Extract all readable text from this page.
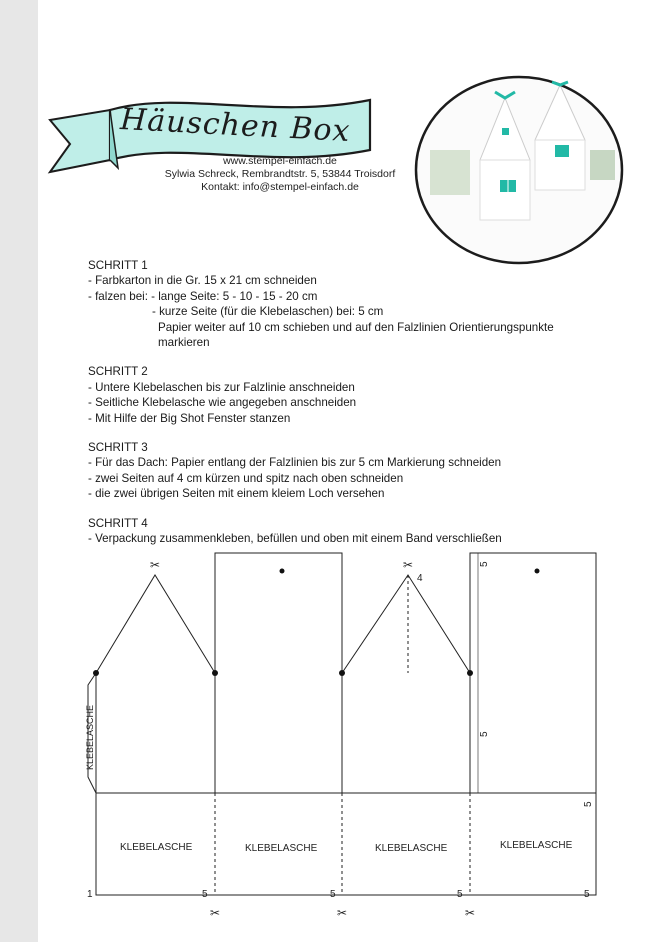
Häuschen Box
www.stempel-einfach.de
Sylwia Schreck, Rembrandtstr. 5, 53844 Troisdorf
Kontakt: info@stempel-einfach.de
SCHRITT 1
- Farbkarton in die Gr. 15 x 21 cm schneiden
- falzen bei: - lange Seite: 5 - 10 - 15 - 20 cm
- kurze Seite (für die Klebelaschen) bei: 5 cm
Papier weiter auf 10 cm schieben und auf den Falzlinien Orientierungspunkte markieren
SCHRITT 2
- Untere Klebelaschen bis zur Falzlinie anschneiden
- Seitliche Klebelasche wie angegeben anschneiden
- Mit Hilfe der Big Shot Fenster stanzen
SCHRITT 3
- Für das Dach: Papier entlang der Falzlinien bis zur 5 cm Markierung schneiden
- zwei Seiten auf 4 cm kürzen und spitz nach oben schneiden
- die zwei übrigen Seiten mit einem kleiem Loch versehen
SCHRITT 4
- Verpackung zusammenkleben, befüllen und oben mit einem Band verschließen
✂	✂
✂	✂	✂
KLEBELASCHE
KLEBELASCHE	KLEBELASCHE	KLEBELASCHE	KLEBELASCHE
4
5
5
5
1	5	5	5	5
